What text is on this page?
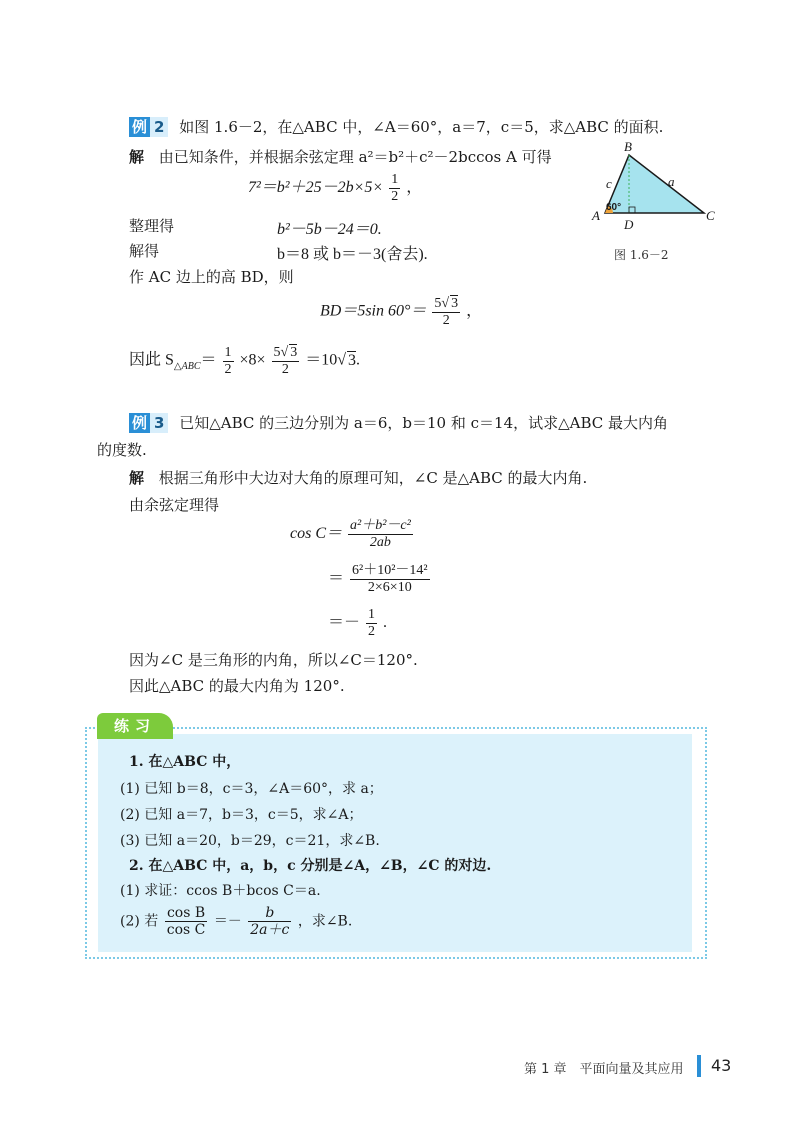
例 2 如图 1.6－2，在△ABC 中，∠A＝60°，a＝7，c＝5，求△ABC 的面积.
解 由已知条件，并根据余弦定理 a²＝b²＋c²－2bccos A 可得
$7^2=b^2+25-2b\times 5\times \frac{1}{2}$ ，
整理得	b²－5b－24＝0.
解得	b＝8 或 b＝－3(舍去).
作 AC 边上的高 BD，则
BD＝5sin $60^\circ= \frac{5√ 3}{2}$ ，
因此 $S_{\triangle ABC}= \frac{1}{2} \times 8\times \frac{5√ 3}{2} =10√$ 3.
B
A	C
D
c	a
60°
图 1.6－2
例 3 已知△ABC 的三边分别为 a＝6，b＝10 和 c＝14，试求△ABC 最大内角
的度数.
解 根据三角形中大边对大角的原理可知，∠C 是△ABC 的最大内角.
由余弦定理得
$\cos C= \frac{\text{a²＋b²－c²}}{2ab}$
＝ $\frac{\text{6²＋10²－14²}}{2\times 6\times 10}$
＝－ $\frac{1}{2}$ .
因为∠C 是三角形的内角，所以∠C＝120°.
因此△ABC 的最大内角为 120°.
练习
1. 在△ABC 中，
(1) 已知 b＝8，c＝3，∠A＝60°，求 a；
(2) 已知 a＝7，b＝3，c＝5，求∠A；
(3) 已知 a＝20，b＝29，c＝21，求∠B.
2. 在△ABC 中，a，b，c 分别是∠A，∠B，∠C 的对边.
(1) 求证：ccos B＋bcos C＝a.
(2) 若 $\frac{\text{cos B}}{\text{cos C}} =- \frac{b}{2a+c}$ ，求∠B.
第 1 章　平面向量及其应用 43
